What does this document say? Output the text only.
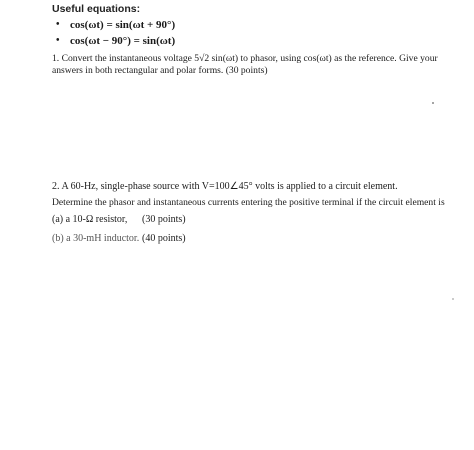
Useful equations:
• cos(ωt) = sin(ωt + 90°)
• cos(ωt − 90°) = sin(ωt)
1. Convert the instantaneous voltage 5√2 sin(ωt) to phasor, using cos(ωt) as the reference. Give your
answers in both rectangular and polar forms. (30 points)
2. A 60-Hz, single-phase source with V=100∠45° volts is applied to a circuit element.
Determine the phasor and instantaneous currents entering the positive terminal if the circuit element is
(a) a 10-Ω resistor, (30 points)
(b) a 30-mH inductor. (40 points)
